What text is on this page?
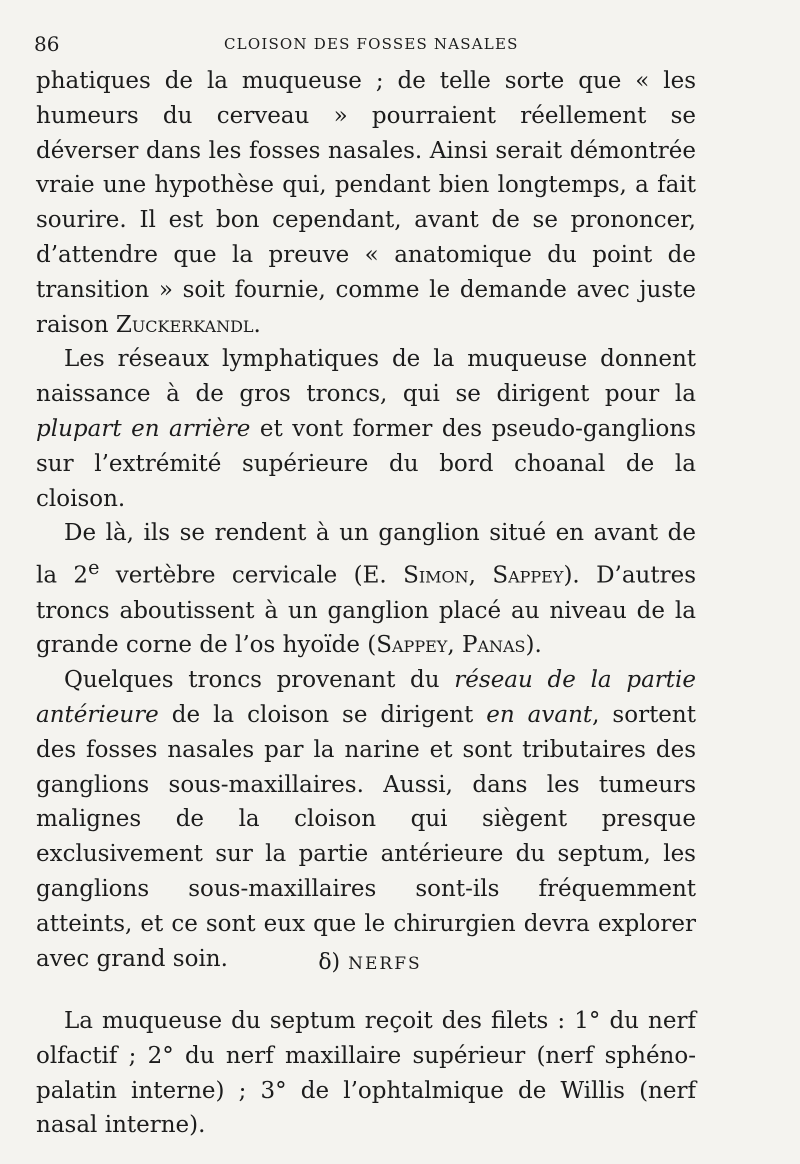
86	CLOISON DES FOSSES NASALES

phatiques de la muqueuse ; de telle sorte que « les humeurs du cerveau » pourraient réellement se déverser dans les fosses nasales. Ainsi serait démontrée vraie une hypothèse qui, pendant bien longtemps, a fait sourire. Il est bon cependant, avant de se prononcer, d’attendre que la preuve « anatomique du point de transition » soit fournie, comme le demande avec juste raison Zuckerkandl.

Les réseaux lymphatiques de la muqueuse donnent naissance à de gros troncs, qui se dirigent pour la plupart en arrière et vont former des pseudo-ganglions sur l’extrémité supérieure du bord choanal de la cloison.

De là, ils se rendent à un ganglion situé en avant de la 2e vertèbre cervicale (E. Simon, Sappey). D’autres troncs aboutissent à un ganglion placé au niveau de la grande corne de l’os hyoïde (Sappey, Panas).

Quelques troncs provenant du réseau de la partie antérieure de la cloison se dirigent en avant, sortent des fosses nasales par la narine et sont tributaires des ganglions sous-maxillaires. Aussi, dans les tumeurs malignes de la cloison qui siègent presque exclusivement sur la partie antérieure du septum, les ganglions sous-maxillaires sont-ils fréquemment atteints, et ce sont eux que le chirurgien devra explorer avec grand soin.	δ) NERFS

La muqueuse du septum reçoit des filets : 1° du nerf olfactif ; 2° du nerf maxillaire supérieur (nerf sphéno-palatin interne) ; 3° de l’ophtalmique de Willis (nerf nasal interne).
